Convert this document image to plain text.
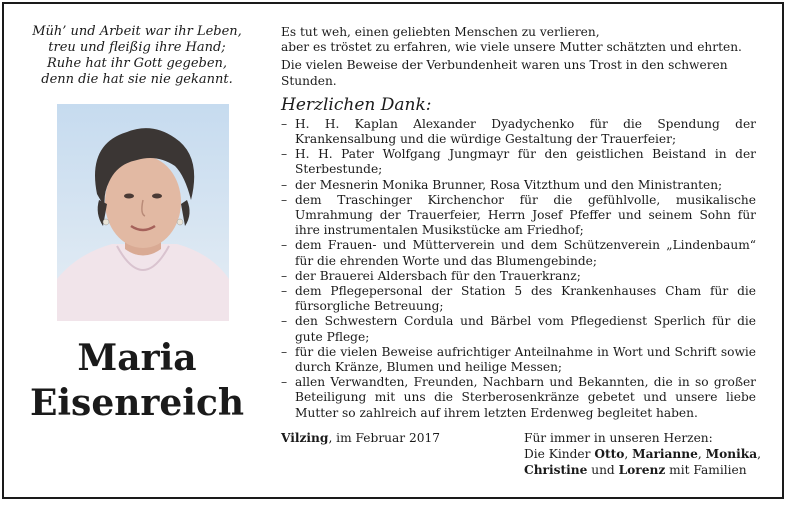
Müh’ und Arbeit war ihr Leben,
treu und fleißig ihre Hand;
Ruhe hat ihr Gott gegeben,
denn die hat sie nie gekannt.
Maria
Eisenreich

Es tut weh, einen geliebten Menschen zu verlieren,
aber es tröstet zu erfahren, wie viele unsere Mutter schätzten und ehrten.

Die vielen Beweise der Verbundenheit waren uns Trost in den schweren Stunden.

Herzlichen Dank:
– H. H. Kaplan Alexander Dyadychenko für die Spendung der Krankensalbung und die würdige Gestaltung der Trauerfeier;
– H. H. Pater Wolfgang Jungmayr für den geistlichen Beistand in der Sterbestunde;
– der Mesnerin Monika Brunner, Rosa Vitzthum und den Ministranten;
– dem Traschinger Kirchenchor für die gefühlvolle, musikalische Umrahmung der Trauerfeier, Herrn Josef Pfeffer und seinem Sohn für ihre instrumentalen Musikstücke am Friedhof;
– dem Frauen- und Mütterverein und dem Schützenverein „Lindenbaum“ für die ehrenden Worte und das Blumengebinde;
– der Brauerei Aldersbach für den Trauerkranz;
– dem Pflegepersonal der Station 5 des Krankenhauses Cham für die fürsorgliche Betreuung;
– den Schwestern Cordula und Bärbel vom Pflegedienst Sperlich für die gute Pflege;
– für die vielen Beweise aufrichtiger Anteilnahme in Wort und Schrift sowie durch Kränze, Blumen und heilige Messen;
– allen Verwandten, Freunden, Nachbarn und Bekannten, die in so großer Beteiligung mit uns die Sterberosenkränze gebetet und unsere liebe Mutter so zahlreich auf ihrem letzten Erdenweg begleitet haben.
Vilzing, im Februar 2017	Für immer in unseren Herzen:
Die Kinder Otto, Marianne, Monika,
Christine und Lorenz mit Familien
